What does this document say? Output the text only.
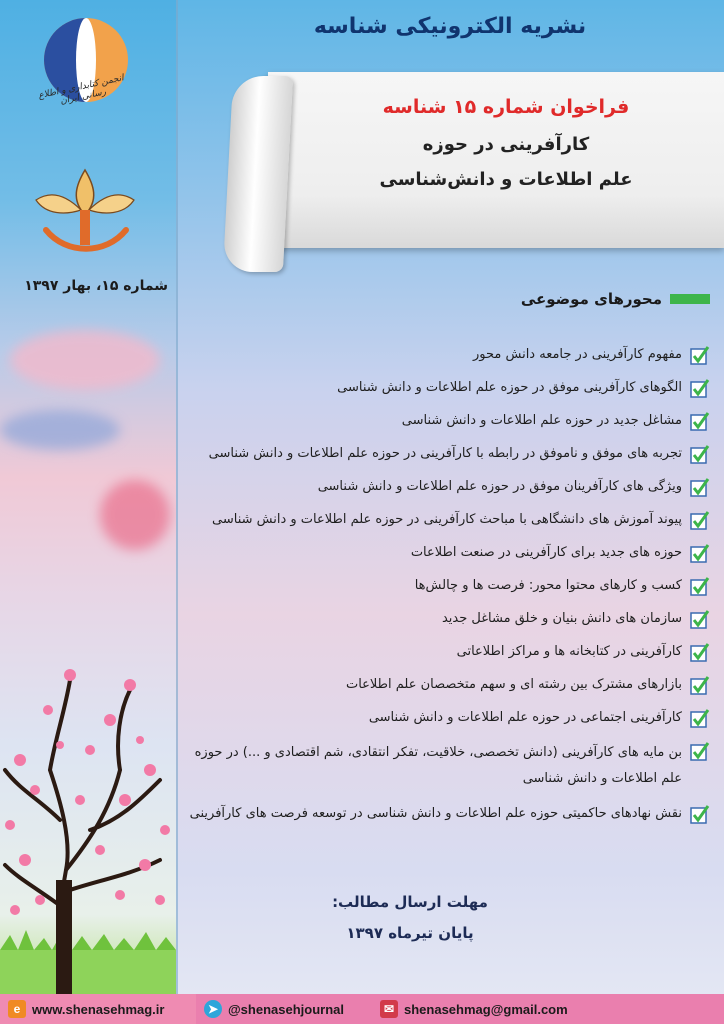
انجمن کتابداری و اطلاع رسانی ایران
شماره ۱۵، بهار ۱۳۹۷
نشریه الکترونیکی شناسه
فراخوان شماره ۱۵ شناسه
کارآفرینی در حوزه
علم اطلاعات و دانش‌شناسی
محورهای موضوعی
مفهوم کارآفرینی در جامعه دانش محور
الگوهای کارآفرینی موفق در حوزه علم اطلاعات و دانش شناسی
مشاغل جدید در حوزه علم اطلاعات و دانش شناسی
تجربه های موفق و ناموفق در رابطه با کارآفرینی در حوزه علم اطلاعات و دانش شناسی
ویژگی های کارآفرینان موفق در حوزه علم اطلاعات و دانش شناسی
پیوند آموزش های دانشگاهی با مباحث کارآفرینی در حوزه علم اطلاعات و دانش شناسی
حوزه های جدید برای کارآفرینی در صنعت اطلاعات
کسب و کارهای محتوا محور: فرصت ها و چالش‌ها
سازمان های دانش بنیان و خلق مشاغل جدید
کارآفرینی در کتابخانه ها و مراکز اطلاعاتی
بازارهای مشترک بین رشته ای و سهم متخصصان علم اطلاعات
کارآفرینی اجتماعی در حوزه علم اطلاعات و دانش شناسی
بن مایه های کارآفرینی (دانش تخصصی، خلاقیت، تفکر انتقادی، شم اقتصادی و ...) در حوزه علم اطلاعات و دانش شناسی
نقش نهادهای حاکمیتی حوزه علم اطلاعات و دانش شناسی در توسعه فرصت های کارآفرینی
مهلت ارسال مطالب:
پایان تیرماه ۱۳۹۷
e www.shenasehmag.ir	➤ @shenasehjournal	✉ shenasehmag@gmail.com
